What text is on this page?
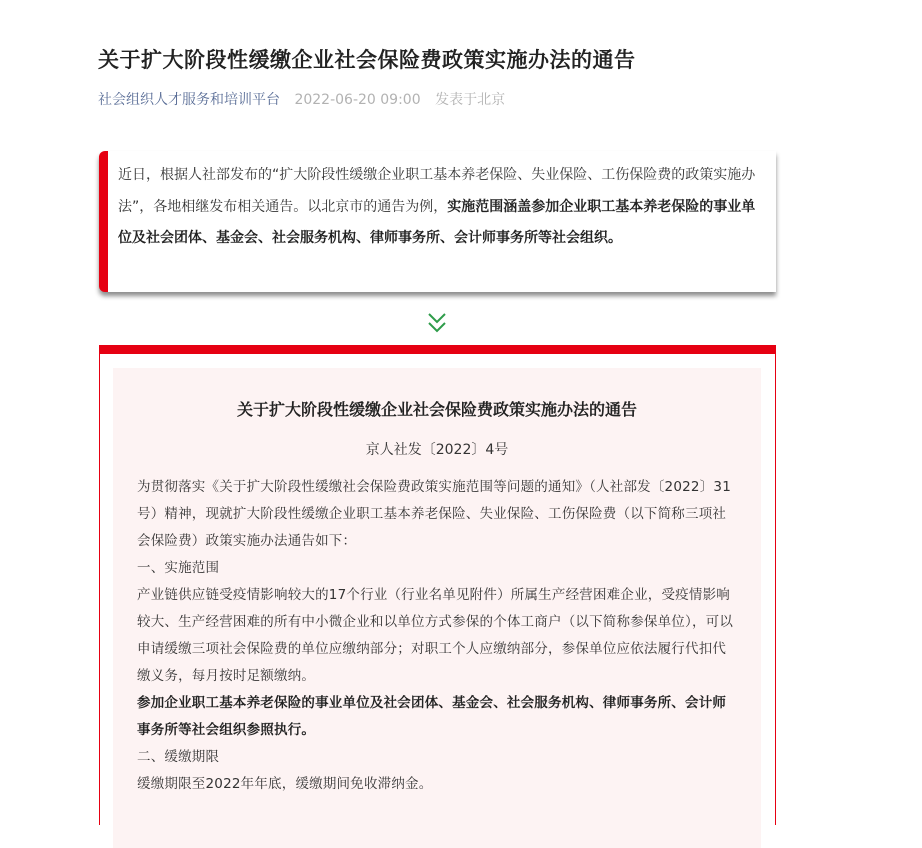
关于扩大阶段性缓缴企业社会保险费政策实施办法的通告
社会组织人才服务和培训平台 2022-06-20 09:00 发表于北京

近日，根据人社部发布的“扩大阶段性缓缴企业职工基本养老保险、失业保险、工伤保险费的政策实施办法”，各地相继发布相关通告。以北京市的通告为例，实施范围涵盖参加企业职工基本养老保险的事业单位及社会团体、基金会、社会服务机构、律师事务所、会计师事务所等社会组织。

关于扩大阶段性缓缴企业社会保险费政策实施办法的通告

京人社发〔2022〕4号

为贯彻落实《关于扩大阶段性缓缴社会保险费政策实施范围等问题的通知》（人社部发〔2022〕31号）精神，现就扩大阶段性缓缴企业职工基本养老保险、失业保险、工伤保险费（以下简称三项社会保险费）政策实施办法通告如下：

一、实施范围

产业链供应链受疫情影响较大的17个行业（行业名单见附件）所属生产经营困难企业，受疫情影响较大、生产经营困难的所有中小微企业和以单位方式参保的个体工商户（以下简称参保单位），可以申请缓缴三项社会保险费的单位应缴纳部分；对职工个人应缴纳部分，参保单位应依法履行代扣代缴义务，每月按时足额缴纳。

参加企业职工基本养老保险的事业单位及社会团体、基金会、社会服务机构、律师事务所、会计师事务所等社会组织参照执行。

二、缓缴期限

缓缴期限至2022年年底，缓缴期间免收滞纳金。
